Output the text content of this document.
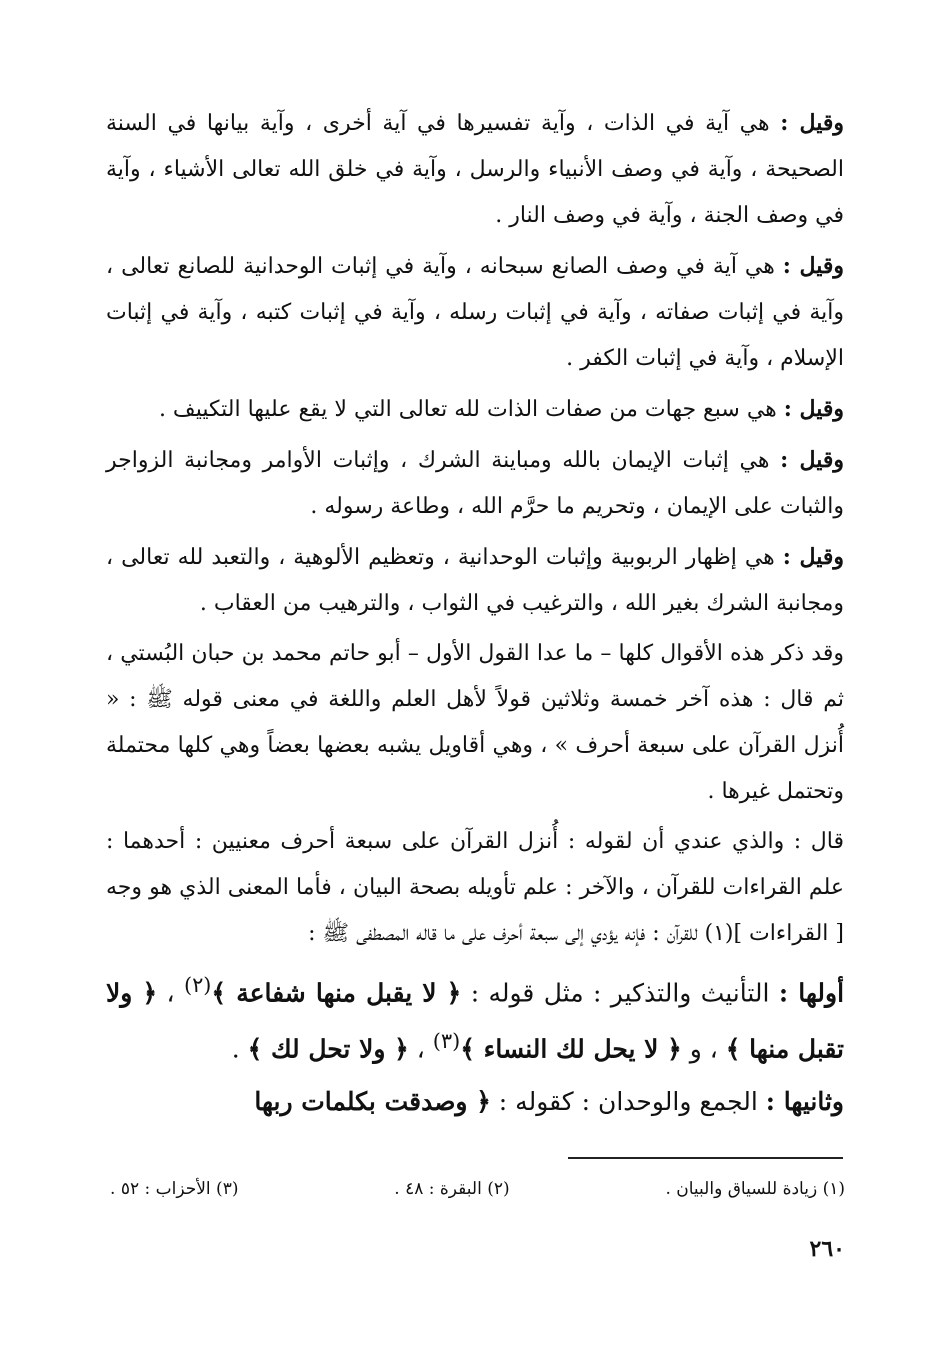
وقيل : هي آية في الذات ، وآية تفسيرها في آية أخرى ، وآية بيانها في السنة الصحيحة ، وآية في وصف الأنبياء والرسل ، وآية في خلق الله تعالى الأشياء ، وآية في وصف الجنة ، وآية في وصف النار .

وقيل : هي آية في وصف الصانع سبحانه ، وآية في إثبات الوحدانية للصانع تعالى ، وآية في إثبات صفاته ، وآية في إثبات رسله ، وآية في إثبات كتبه ، وآية في إثبات الإسلام ، وآية في إثبات الكفر .

وقيل : هي سبع جهات من صفات الذات لله تعالى التي لا يقع عليها التكييف .

وقيل : هي إثبات الإيمان بالله ومباينة الشرك ، وإثبات الأوامر ومجانبة الزواجر والثبات على الإيمان ، وتحريم ما حرَّم الله ، وطاعة رسوله .

وقيل : هي إظهار الربوبية وإثبات الوحدانية ، وتعظيم الألوهية ، والتعبد لله تعالى ، ومجانبة الشرك بغير الله ، والترغيب في الثواب ، والترهيب من العقاب .

وقد ذكر هذه الأقوال كلها – ما عدا القول الأول – أبو حاتم محمد بن حبان البُستي ، ثم قال : هذه آخر خمسة وثلاثين قولاً لأهل العلم واللغة في معنى قوله ﷺ : « أُنزل القرآن على سبعة أحرف » ، وهي أقاويل يشبه بعضها بعضاً وهي كلها محتملة وتحتمل غيرها .

قال : والذي عندي أن لقوله : أُنزل القرآن على سبعة أحرف معنيين : أحدهما : علم القراءات للقرآن ، والآخر : علم تأويله بصحة البيان ، فأما المعنى الذي هو وجه [ القراءات ](١) للقرآن : فإنه يؤدي إلى سبعة أحرف على ما قاله المصطفى ﷺ :

أولها : التأنيث والتذكير : مثل قوله : ﴿ لا يقبل منها شفاعة ﴾$^{(٢)}$ ، ﴿ ولا تقبل منها ﴾ ، و ﴿ لا يحل لك النساء ﴾$^{(٣)}$ ، ﴿ ولا تحل لك ﴾ .

وثانيها : الجمع والوحدان : كقوله : ﴿ وصدقت بكلمات ربها

(١) زيادة للسياق والبيان .
(٢) البقرة : ٤٨ .
(٣) الأحزاب : ٥٢ .
٢٦٠
